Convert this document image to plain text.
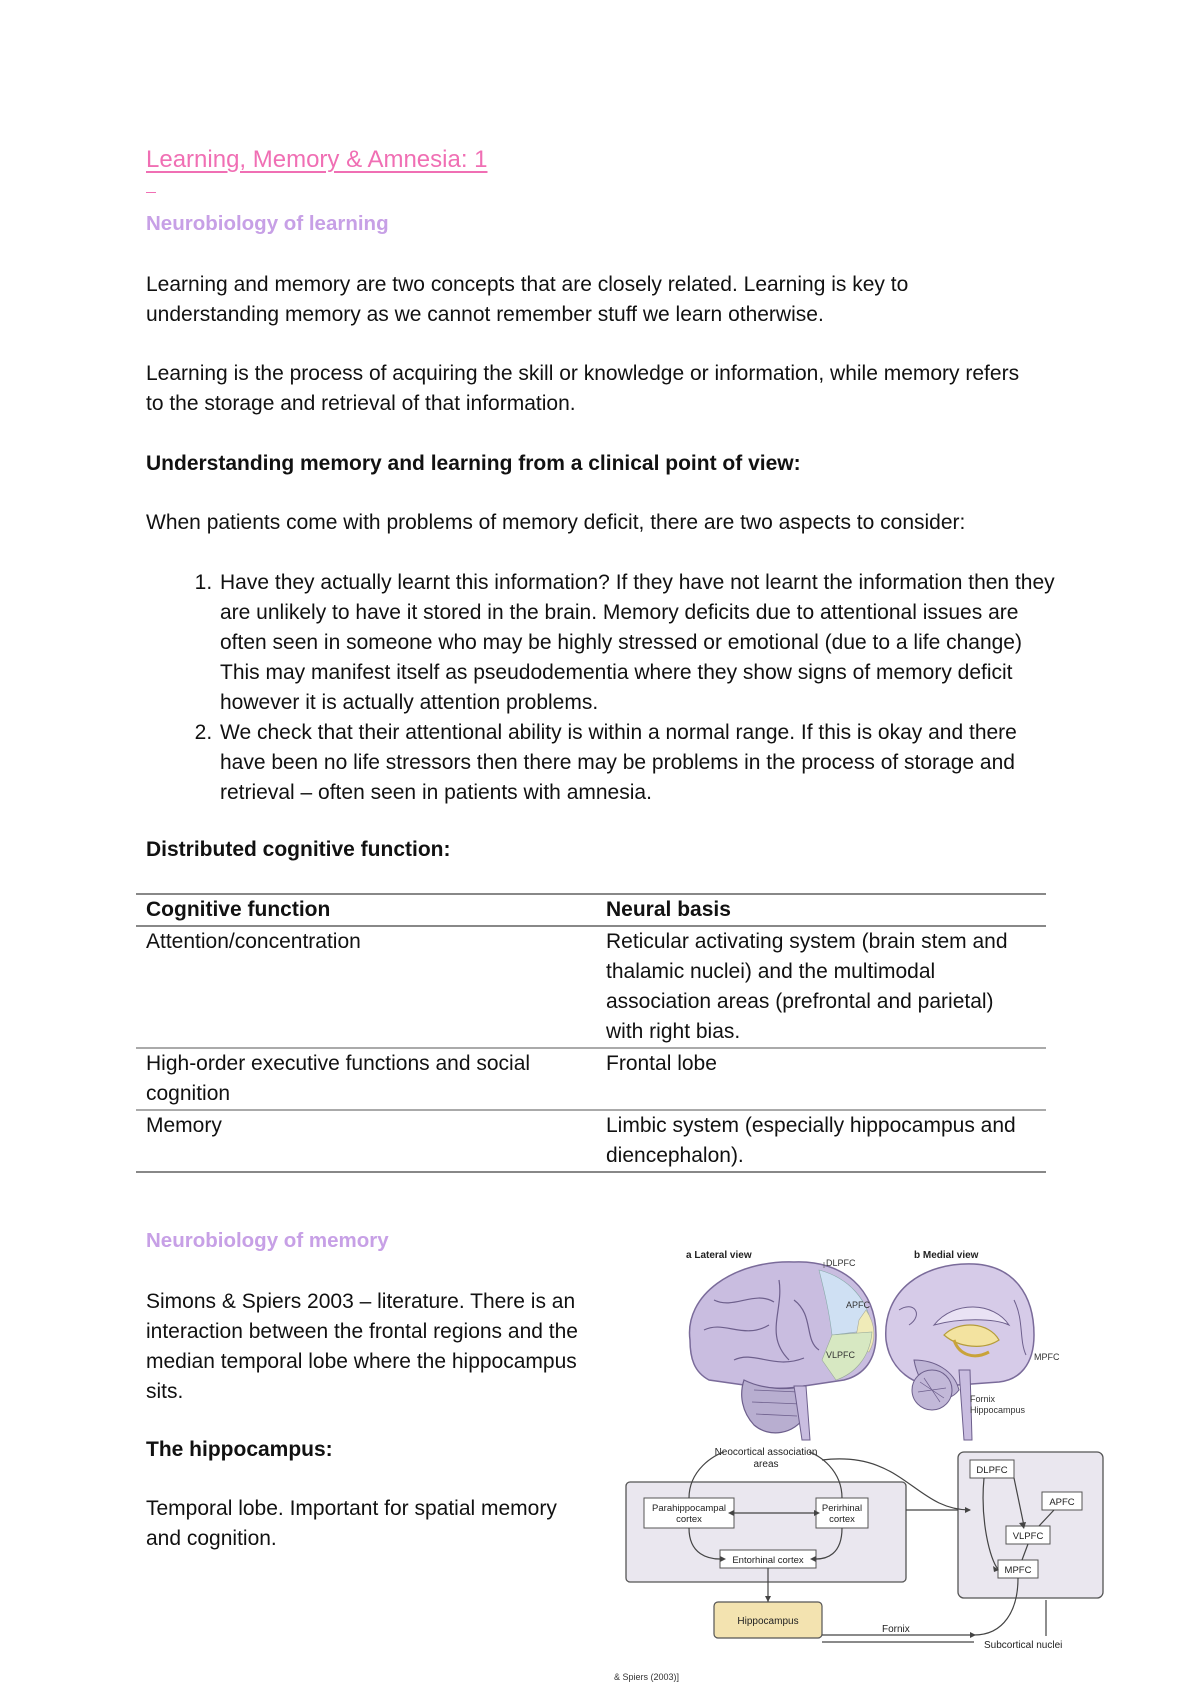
Learning, Memory & Amnesia: 1
Neurobiology of learning

Learning and memory are two concepts that are closely related. Learning is key to understanding memory as we cannot remember stuff we learn otherwise.

Learning is the process of acquiring the skill or knowledge or information, while memory refers to the storage and retrieval of that information.

Understanding memory and learning from a clinical point of view:

When patients come with problems of memory deficit, there are two aspects to consider:

1. Have they actually learnt this information? If they have not learnt the information then they are unlikely to have it stored in the brain. Memory deficits due to attentional issues are often seen in someone who may be highly stressed or emotional (due to a life change) This may manifest itself as pseudodementia where they show signs of memory deficit however it is actually attention problems.
2. We check that their attentional ability is within a normal range. If this is okay and there have been no life stressors then there may be problems in the process of storage and retrieval – often seen in patients with amnesia.

Distributed cognitive function:

Cognitive function	Neural basis
Attention/concentration	Reticular activating system (brain stem and thalamic nuclei) and the multimodal association areas (prefrontal and parietal) with right bias.
High-order executive functions and social cognition	Frontal lobe
Memory	Limbic system (especially hippocampus and diencephalon).
Neurobiology of memory

Simons & Spiers 2003 – literature. There is an interaction between the frontal regions and the median temporal lobe where the hippocampus sits.

The hippocampus:

Temporal lobe. Important for spatial memory and cognition.

a Lateral view	b Medial view
DLPFC
APFC
VLPFC	MPFC
Fornix
Hippocampus
Neocortical association
areas
Parahippocampal
cortex
Perirhinal
cortex
Entorhinal cortex
Hippocampus
DLPFC
APFC
VLPFC
MPFC
Fornix
Subcortical nuclei
& Spiers (2003)]
